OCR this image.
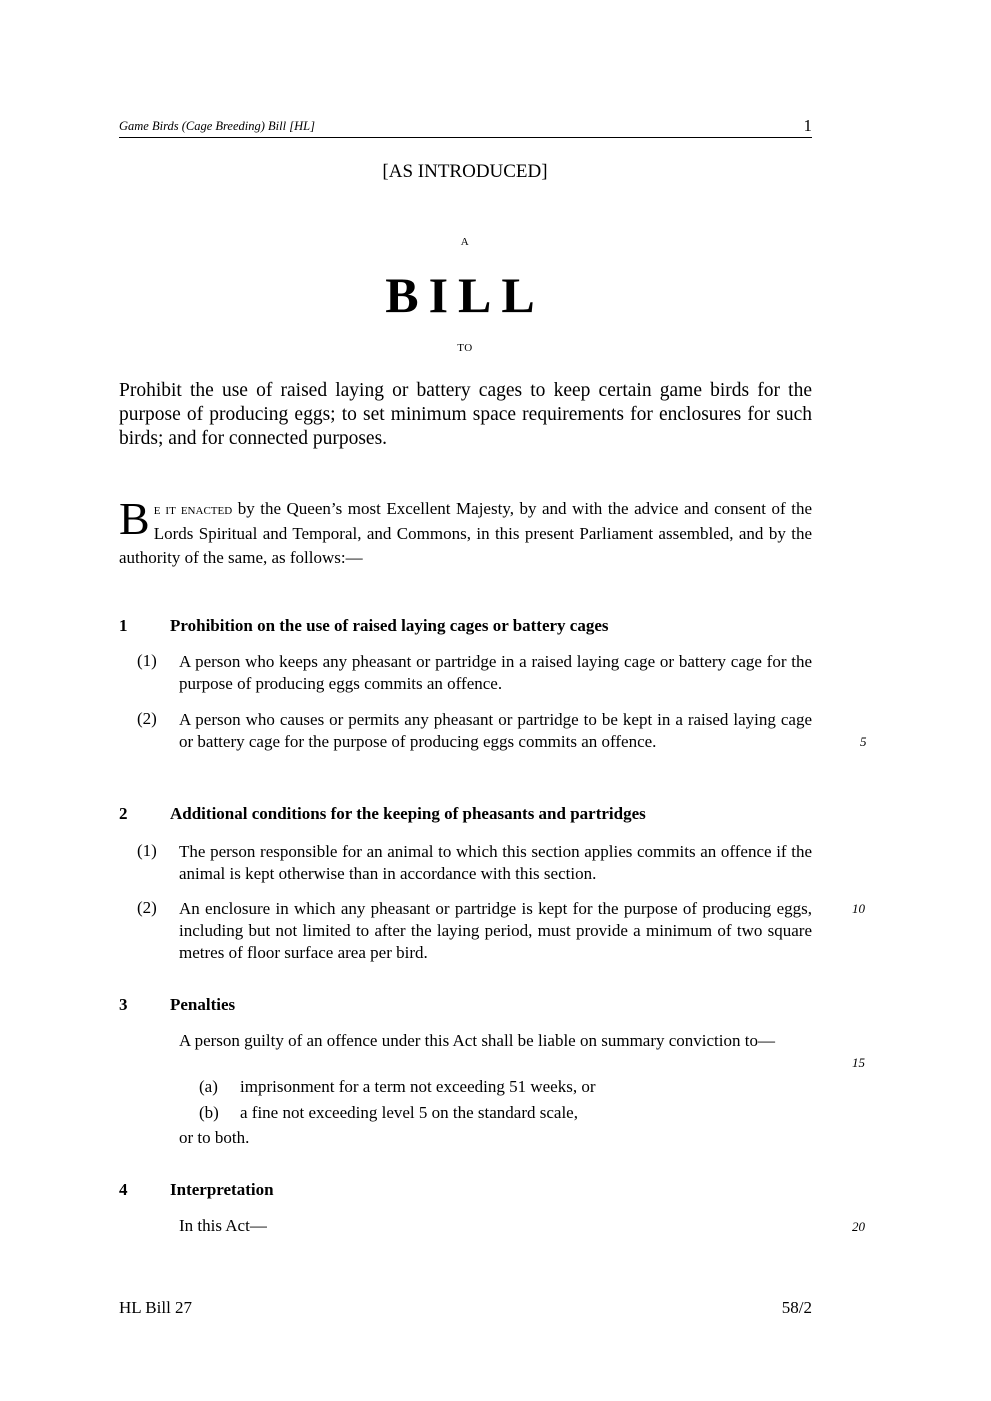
Game Birds (Cage Breeding) Bill [HL]	1
[AS INTRODUCED]
A
BILL
TO
Prohibit the use of raised laying or battery cages to keep certain game birds for the purpose of producing eggs; to set minimum space requirements for enclosures for such birds; and for connected purposes.
Be it enacted by the Queen’s most Excellent Majesty, by and with the advice and consent of the Lords Spiritual and Temporal, and Commons, in this present Parliament assembled, and by the authority of the same, as follows:—
1	Prohibition on the use of raised laying cages or battery cages
(1) A person who keeps any pheasant or partridge in a raised laying cage or battery cage for the purpose of producing eggs commits an offence.
(2) A person who causes or permits any pheasant or partridge to be kept in a raised laying cage or battery cage for the purpose of producing eggs commits an offence.
2	Additional conditions for the keeping of pheasants and partridges
(1) The person responsible for an animal to which this section applies commits an offence if the animal is kept otherwise than in accordance with this section.
(2) An enclosure in which any pheasant or partridge is kept for the purpose of producing eggs, including but not limited to after the laying period, must provide a minimum of two square metres of floor surface area per bird.
3	Penalties
A person guilty of an offence under this Act shall be liable on summary conviction to—
(a) imprisonment for a term not exceeding 51 weeks, or
(b) a fine not exceeding level 5 on the standard scale,
or to both.
4	Interpretation
In this Act—
5
10
15
20
HL Bill 27	58/2
